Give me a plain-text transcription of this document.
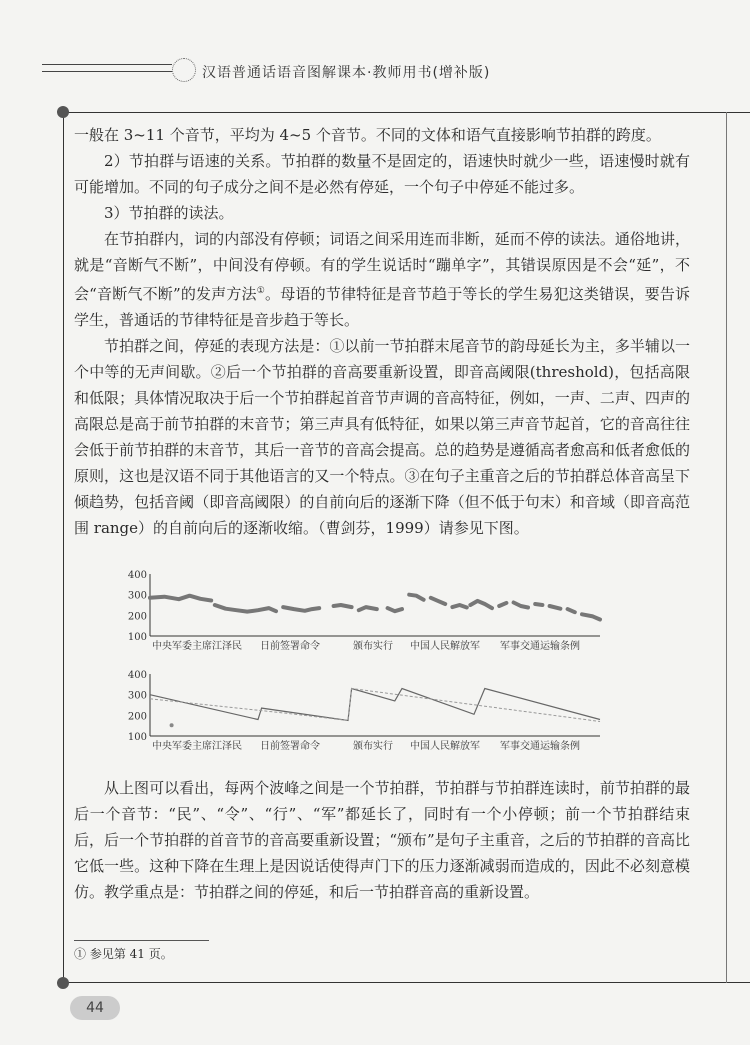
汉语普通话语音图解课本·教师用书(增补版)

一般在 3~11 个音节，平均为 4~5 个音节。不同的文体和语气直接影响节拍群的跨度。

2）节拍群与语速的关系。节拍群的数量不是固定的，语速快时就少一些，语速慢时就有可能增加。不同的句子成分之间不是必然有停延，一个句子中停延不能过多。

3）节拍群的读法。

在节拍群内，词的内部没有停顿；词语之间采用连而非断，延而不停的读法。通俗地讲，就是“音断气不断”，中间没有停顿。有的学生说话时“蹦单字”，其错误原因是不会“延”，不会“音断气不断”的发声方法①。母语的节律特征是音节趋于等长的学生易犯这类错误，要告诉学生，普通话的节律特征是音步趋于等长。

节拍群之间，停延的表现方法是：①以前一节拍群末尾音节的韵母延长为主，多半辅以一个中等的无声间歇。②后一个节拍群的音高要重新设置，即音高阈限(threshold)，包括高限和低限；具体情况取决于后一个节拍群起首音节声调的音高特征，例如，一声、二声、四声的高限总是高于前节拍群的末音节；第三声具有低特征，如果以第三声音节起首，它的音高往往会低于前节拍群的末音节，其后一音节的音高会提高。总的趋势是遵循高者愈高和低者愈低的原则，这也是汉语不同于其他语言的又一个特点。③在句子主重音之后的节拍群总体音高呈下倾趋势，包括音阈（即音高阈限）的自前向后的逐渐下降（但不低于句末）和音域（即音高范围 range）的自前向后的逐渐收缩。（曹剑芬，1999）请参见下图。

400
300
200
100
中央军委主席江泽民 日前签署命令	颁布实行 中国人民解放军 军事交通运输条例
400
300
200
100
中央军委主席江泽民 日前签署命令	颁布实行 中国人民解放军 军事交通运输条例

从上图可以看出，每两个波峰之间是一个节拍群，节拍群与节拍群连读时，前节拍群的最后一个音节：“民”、“令”、“行”、“军”都延长了，同时有一个小停顿；前一个节拍群结束后，后一个节拍群的首音节的音高要重新设置；“颁布”是句子主重音，之后的节拍群的音高比它低一些。这种下降在生理上是因说话使得声门下的压力逐渐减弱而造成的，因此不必刻意模仿。教学重点是：节拍群之间的停延，和后一节拍群音高的重新设置。

① 参见第 41 页。
44
